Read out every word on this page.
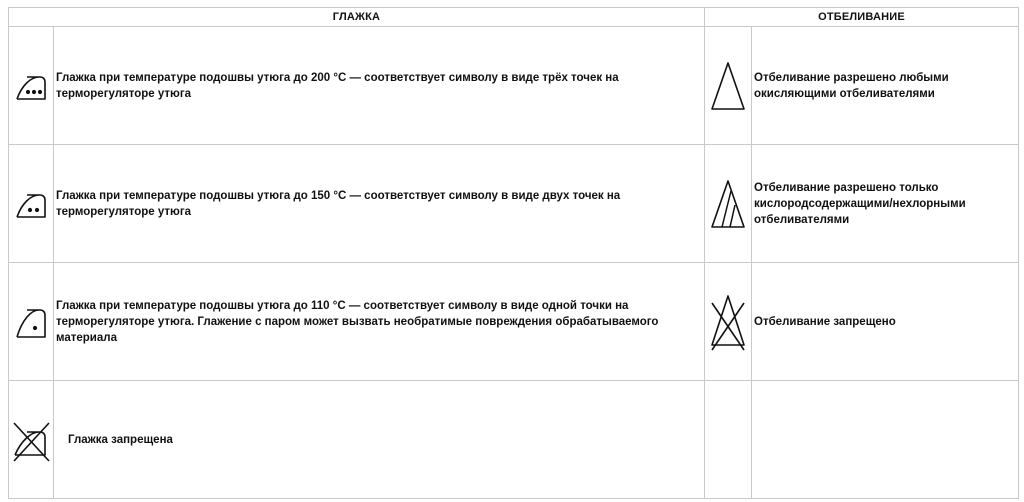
ГЛАЖКА		ОТБЕЛИВАНИЕ	

	Глажка при температуре подошвы утюга до 200 °С — соответствует символу в виде трёх точек на терморегуляторе утюга		Отбеливание разрешено любыми окисляющими отбеливателями

	Глажка при температуре подошвы утюга до 150 °С — соответствует символу в виде двух точек на терморегуляторе утюга		Отбеливание разрешено только кислородсодержащими/нехлорными отбеливателями

	Глажка при температуре подошвы утюга до 110 °С — соответствует символу в виде одной точки на терморегуляторе утюга. Глажение с паром может вызвать необратимые повреждения обрабатываемого материала		Отбеливание запрещено

	Глажка запрещена		
